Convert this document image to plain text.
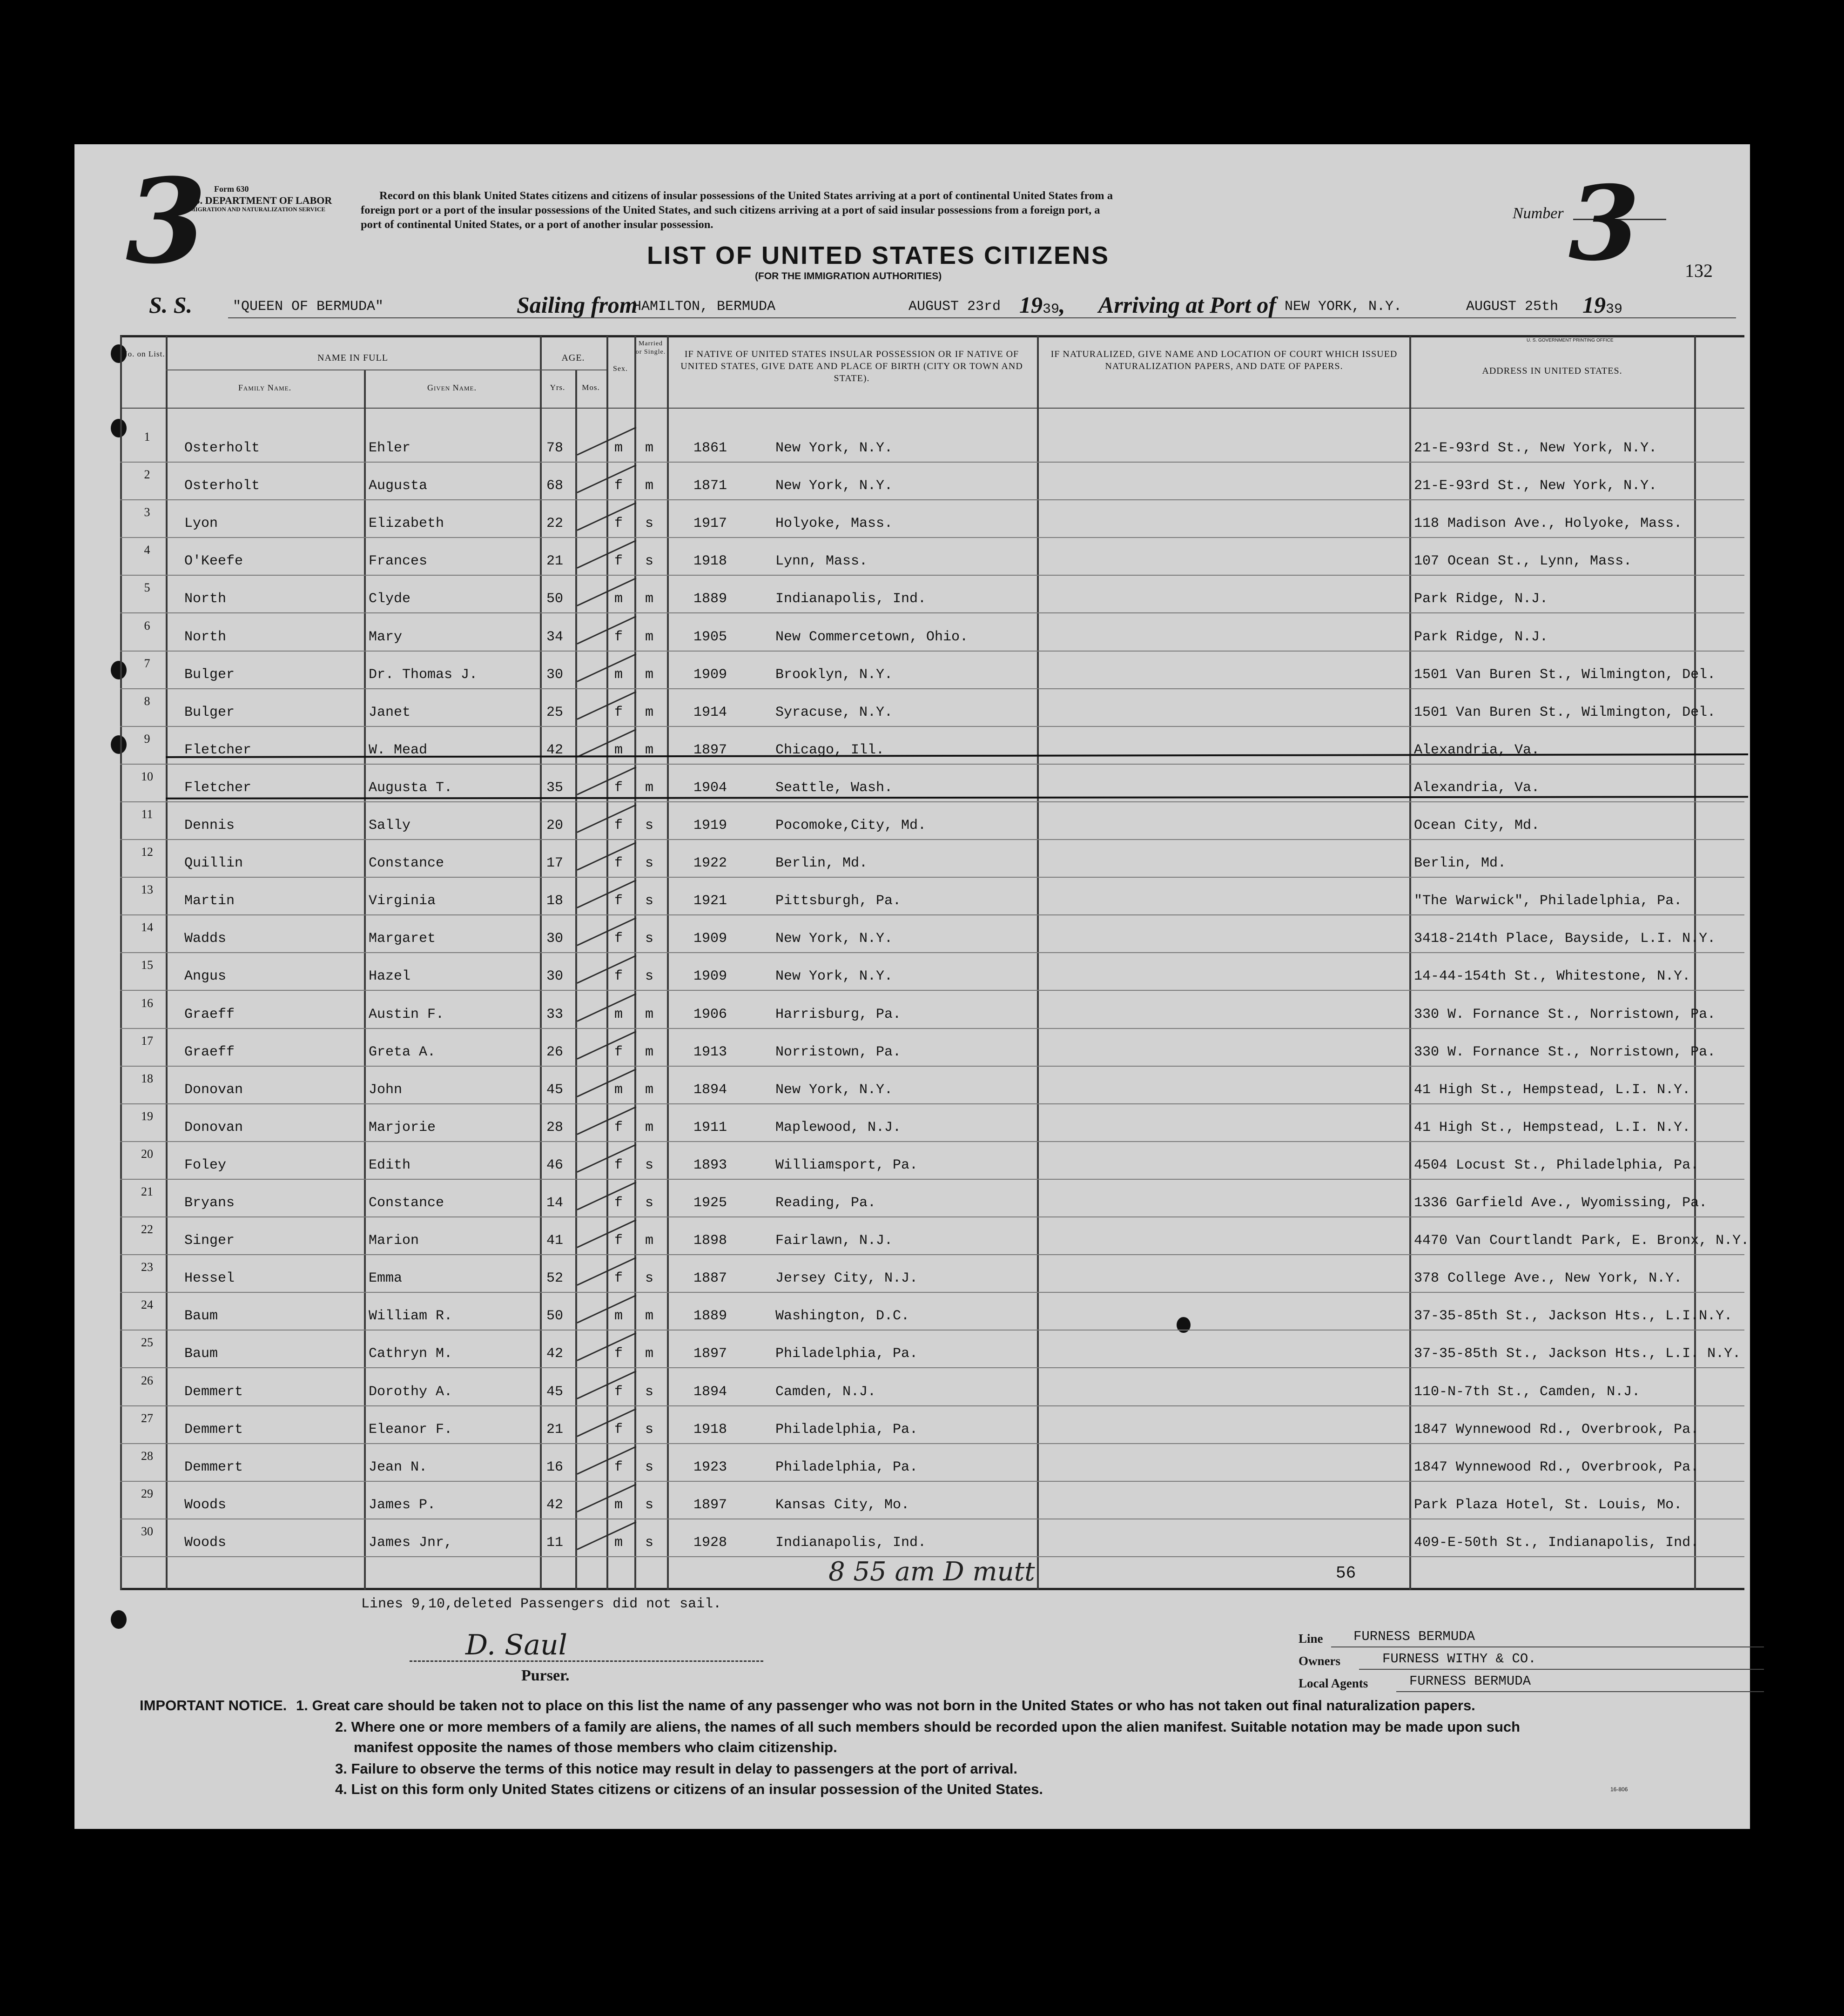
3 Form 630
U.S. DEPARTMENT OF LABOR
IMMIGRATION AND NATURALIZATION SERVICE
Record on this blank United States citizens and citizens of insular possessions of the United States arriving at a port of continental United States from a
foreign port or a port of the insular possessions of the United States, and such citizens arriving at a port of said insular possessions from a foreign port, a
port of continental United States, or a port of another insular possession.
Number 3 132
LIST OF UNITED STATES CITIZENS
(FOR THE IMMIGRATION AUTHORITIES)
S. S.	"QUEEN OF BERMUDA"	Sailing from
HAMILTON, BERMUDA	AUGUST 23rd 1939, Arriving at Port of NEW YORK, N.Y.	AUGUST 25th 1939
No. on List.	NAME IN FULL
Family Name.	Given Name.
AGE.
Yrs.	Mos.
Sex.
Married or Single.	IF NATIVE OF UNITED STATES INSULAR POSSESSION OR IF NATIVE OF UNITED STATES, GIVE DATE AND PLACE OF BIRTH (CITY OR TOWN AND STATE).
IF NATURALIZED, GIVE NAME AND LOCATION OF COURT WHICH ISSUED NATURALIZATION PAPERS, AND DATE OF PAPERS.	ADDRESS IN UNITED STATES.
U. S. GOVERNMENT PRINTING OFFICE
1
Osterholt	Ehler	78	m m	1861	New York, N.Y.	21-E-93rd St., New York, N.Y.
2
Osterholt	Augusta	68	f m	1871	New York, N.Y.	21-E-93rd St., New York, N.Y.
3
Lyon	Elizabeth	22	f s	1917	Holyoke, Mass.	118 Madison Ave., Holyoke, Mass.
4
O'Keefe	Frances	21	f s	1918	Lynn, Mass.	107 Ocean St., Lynn, Mass.
5
North	Clyde	50	m m	1889	Indianapolis, Ind.	Park Ridge, N.J.
6
North	Mary	34	f m	1905	New Commercetown, Ohio.	Park Ridge, N.J.
7
Bulger	Dr. Thomas J.	30	m m	1909	Brooklyn, N.Y.	1501 Van Buren St., Wilmington, Del.
8
Bulger	Janet	25	f m	1914	Syracuse, N.Y.	1501 Van Buren St., Wilmington, Del.
9
Fletcher	W. Mead	42	m m	1897	Chicago, Ill.	Alexandria, Va.
10
Fletcher	Augusta T.	35	f m	1904	Seattle, Wash.	Alexandria, Va.
11
Dennis	Sally	20	f s	1919	Pocomoke,City, Md.	Ocean City, Md.
12
Quillin	Constance	17	f s	1922	Berlin, Md.	Berlin, Md.
13
Martin	Virginia	18	f s	1921	Pittsburgh, Pa.	"The Warwick", Philadelphia, Pa.
14
Wadds	Margaret	30	f s	1909	New York, N.Y.	3418-214th Place, Bayside, L.I. N.Y.
15
Angus	Hazel	30	f s	1909	New York, N.Y.	14-44-154th St., Whitestone, N.Y.
16
Graeff	Austin F.	33	m m	1906	Harrisburg, Pa.	330 W. Fornance St., Norristown, Pa.
17
Graeff	Greta A.	26	f m	1913	Norristown, Pa.	330 W. Fornance St., Norristown, Pa.
18
Donovan	John	45	m m	1894	New York, N.Y.	41 High St., Hempstead, L.I. N.Y.
19
Donovan	Marjorie	28	f m	1911	Maplewood, N.J.	41 High St., Hempstead, L.I. N.Y.
20
Foley	Edith	46	f s	1893	Williamsport, Pa.	4504 Locust St., Philadelphia, Pa.
21
Bryans	Constance	14	f s	1925	Reading, Pa.	1336 Garfield Ave., Wyomissing, Pa.
22
Singer	Marion	41	f m	1898	Fairlawn, N.J.	4470 Van Courtlandt Park, E. Bronx, N.Y.
23
Hessel	Emma	52	f s	1887	Jersey City, N.J.	378 College Ave., New York, N.Y.
24
Baum	William R.	50	m m	1889	Washington, D.C.	37-35-85th St., Jackson Hts., L.I.N.Y.
25
Baum	Cathryn M.	42	f m	1897	Philadelphia, Pa.	37-35-85th St., Jackson Hts., L.I. N.Y.
26
Demmert	Dorothy A.	45	f s	1894	Camden, N.J.	110-N-7th St., Camden, N.J.
27
Demmert	Eleanor F.	21	f s	1918	Philadelphia, Pa.	1847 Wynnewood Rd., Overbrook, Pa.
28
Demmert	Jean N.	16	f s	1923	Philadelphia, Pa.	1847 Wynnewood Rd., Overbrook, Pa.
29
Woods	James P.	42	m s	1897	Kansas City, Mo.	Park Plaza Hotel, St. Louis, Mo.
30
Woods	James Jnr,	11	m s	1928	Indianapolis, Ind.	409-E-50th St., Indianapolis, Ind.
8 55 am D mutt	56
Lines 9,10,deleted Passengers did not sail.
D. Saul
Purser.
Line FURNESS BERMUDA
Owners	FURNESS WITHY & CO.
Local Agents	FURNESS BERMUDA
IMPORTANT NOTICE. 1. Great care should be taken not to place on this list the name of any passenger who was not born in the United States or who has not taken out final naturalization papers.
2. Where one or more members of a family are aliens, the names of all such members should be recorded upon the alien manifest. Suitable notation may be made upon such
manifest opposite the names of those members who claim citizenship.
3. Failure to observe the terms of this notice may result in delay to passengers at the port of arrival.
4. List on this form only United States citizens or citizens of an insular possession of the United States.	16-806
